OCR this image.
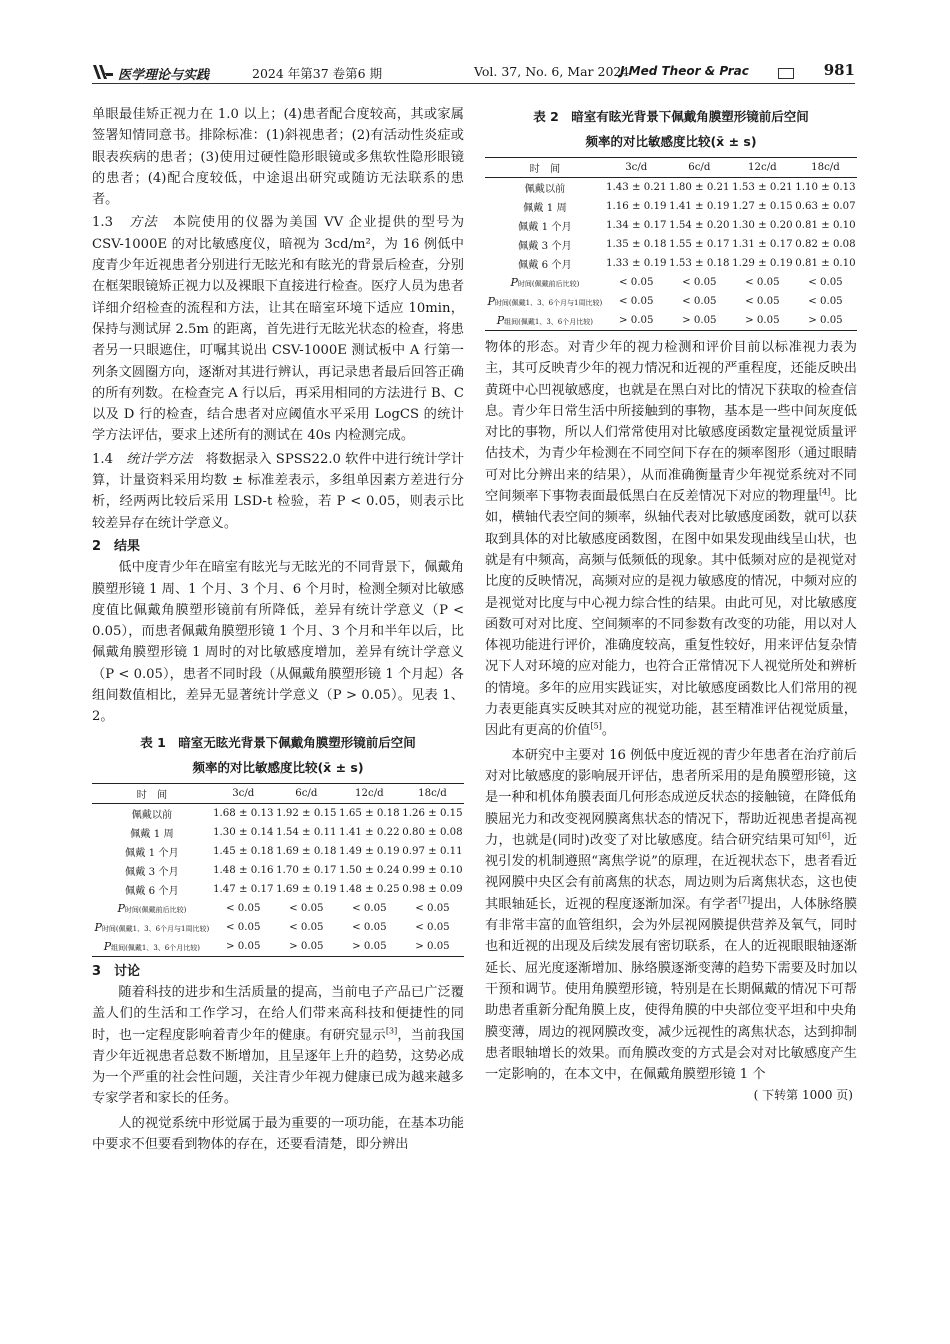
医学理论与实践	2024 年第37 卷第6 期	Vol. 37, No. 6, Mar 2024
J Med Theor & Prac	981

单眼最佳矫正视力在 1.0 以上；(4)患者配合度较高，其或家属签署知情同意书。排除标准：(1)斜视患者；(2)有活动性炎症或眼表疾病的患者；(3)使用过硬性隐形眼镜或多焦软性隐形眼镜的患者；(4)配合度较低，中途退出研究或随访无法联系的患者。

1.3　 方法　 本院使用的仪器为美国 VV 企业提供的型号为 CSV-1000E 的对比敏感度仪，暗视为 3cd/m²，为 16 例低中度青少年近视患者分别进行无眩光和有眩光的背景后检查，分别在框架眼镜矫正视力以及裸眼下直接进行检查。医疗人员为患者详细介绍检查的流程和方法，让其在暗室环境下适应 10min，保持与测试屏 2.5m 的距离，首先进行无眩光状态的检查，将患者另一只眼遮住，叮嘱其说出 CSV-1000E 测试板中 A 行第一列条文圆圈方向，逐渐对其进行辨认，再记录患者最后回答正确的所有列数。在检查完 A 行以后，再采用相同的方法进行 B、C 以及 D 行的检查，结合患者对应阈值水平采用 LogCS 的统计学方法评估，要求上述所有的测试在 40s 内检测完成。

1.4　 统计学方法　 将数据录入 SPSS22.0 软件中进行统计学计算，计量资料采用均数 ± 标准差表示，多组单因素方差进行分析，经两两比较后采用 LSD-t 检验，若 P < 0.05，则表示比较差异存在统计学意义。

2　结果

低中度青少年在暗室有眩光与无眩光的不同背景下，佩戴角膜塑形镜 1 周、1 个月、3 个月、6 个月时，检测全频对比敏感度值比佩戴角膜塑形镜前有所降低，差异有统计学意义（P < 0.05），而患者佩戴角膜塑形镜 1 个月、3 个月和半年以后，比佩戴角膜塑形镜 1 周时的对比敏感度增加，差异有统计学意义（P < 0.05），患者不同时段（从佩戴角膜塑形镜 1 个月起）各组间数值相比，差异无显著统计学意义（P > 0.05）。见表 1、2。

表 1　暗室无眩光背景下佩戴角膜塑形镜前后空间

频率的对比敏感度比较(x̄ ± s)

时　间	3c/d	6c/d	12c/d	18c/d
佩戴以前	1.68 ± 0.13	1.92 ± 0.15	1.65 ± 0.18	1.26 ± 0.15
佩戴 1 周	1.30 ± 0.14	1.54 ± 0.11	1.41 ± 0.22	0.80 ± 0.08
佩戴 1 个月	1.45 ± 0.18	1.69 ± 0.18	1.49 ± 0.19	0.97 ± 0.11
佩戴 3 个月	1.48 ± 0.16	1.70 ± 0.17	1.50 ± 0.24	0.99 ± 0.10
佩戴 6 个月	1.47 ± 0.17	1.69 ± 0.19	1.48 ± 0.25	0.98 ± 0.09
P时间(佩戴前后比较)	< 0.05	< 0.05	< 0.05	< 0.05
P时间(佩戴1、3、6个月与1周比较)	< 0.05	< 0.05	< 0.05	< 0.05
P组间(佩戴1、3、6个月比较)	> 0.05	> 0.05	> 0.05	> 0.05

3　讨论

随着科技的进步和生活质量的提高，当前电子产品已广泛覆盖人们的生活和工作学习，在给人们带来高科技和便捷性的同时，也一定程度影响着青少年的健康。有研究显示[3]，当前我国青少年近视患者总数不断增加，且呈逐年上升的趋势，这势必成为一个严重的社会性问题，关注青少年视力健康已成为越来越多专家学者和家长的任务。

人的视觉系统中形觉属于最为重要的一项功能，在基本功能中要求不但要看到物体的存在，还要看清楚，即分辨出

表 2　暗室有眩光背景下佩戴角膜塑形镜前后空间

频率的对比敏感度比较(x̄ ± s)

时　间	3c/d	6c/d	12c/d	18c/d
佩戴以前	1.43 ± 0.21	1.80 ± 0.21	1.53 ± 0.21	1.10 ± 0.13
佩戴 1 周	1.16 ± 0.19	1.41 ± 0.19	1.27 ± 0.15	0.63 ± 0.07
佩戴 1 个月	1.34 ± 0.17	1.54 ± 0.20	1.30 ± 0.20	0.81 ± 0.10
佩戴 3 个月	1.35 ± 0.18	1.55 ± 0.17	1.31 ± 0.17	0.82 ± 0.08
佩戴 6 个月	1.33 ± 0.19	1.53 ± 0.18	1.29 ± 0.19	0.81 ± 0.10
P时间(佩戴前后比较)	< 0.05	< 0.05	< 0.05	< 0.05
P时间(佩戴1、3、6个月与1周比较)	< 0.05	< 0.05	< 0.05	< 0.05
P组间(佩戴1、3、6个月比较)	> 0.05	> 0.05	> 0.05	> 0.05

物体的形态。对青少年的视力检测和评价目前以标准视力表为主，其可反映青少年的视力情况和近视的严重程度，还能反映出黄斑中心凹视敏感度，也就是在黑白对比的情况下获取的检查信息。青少年日常生活中所接触到的事物，基本是一些中间灰度低对比的事物，所以人们常常使用对比敏感度函数定量视觉质量评估技术，为青少年检测在不同空间下存在的频率图形（通过眼睛可对比分辨出来的结果），从而准确衡量青少年视觉系统对不同空间频率下事物表面最低黑白在反差情况下对应的物理量[4]。比如，横轴代表空间的频率，纵轴代表对比敏感度函数，就可以获取到具体的对比敏感度函数图，在图中如果发现曲线呈山状，也就是有中频高，高频与低频低的现象。其中低频对应的是视觉对比度的反映情况，高频对应的是视力敏感度的情况，中频对应的是视觉对比度与中心视力综合性的结果。由此可见，对比敏感度函数可对对比度、空间频率的不同参数有改变的功能，用以对人体视功能进行评价，准确度较高，重复性较好，用来评估复杂情况下人对环境的应对能力，也符合正常情况下人视觉所处和辨析的情境。多年的应用实践证实，对比敏感度函数比人们常用的视力表更能真实反映其对应的视觉功能，甚至精准评估视觉质量，因此有更高的价值[5]。

本研究中主要对 16 例低中度近视的青少年患者在治疗前后对对比敏感度的影响展开评估，患者所采用的是角膜塑形镜，这是一种和机体角膜表面几何形态成逆反状态的接触镜，在降低角膜屈光力和改变视网膜离焦状态的情况下，帮助近视患者提高视力，也就是(同时)改变了对比敏感度。结合研究结果可知[6]，近视引发的机制遵照“离焦学说”的原理，在近视状态下，患者看近视网膜中央区会有前离焦的状态，周边则为后离焦状态，这也使其眼轴延长，近视的程度逐渐加深。有学者[7]提出，人体脉络膜有非常丰富的血管组织，会为外层视网膜提供营养及氧气，同时也和近视的出现及后续发展有密切联系，在人的近视眼眼轴逐渐延长、屈光度逐渐增加、脉络膜逐渐变薄的趋势下需要及时加以干预和调节。使用角膜塑形镜，特别是在长期佩戴的情况下可帮助患者重新分配角膜上皮，使得角膜的中央部位变平坦和中央角膜变薄，周边的视网膜改变，减少远视性的离焦状态，达到抑制患者眼轴增长的效果。而角膜改变的方式是会对对比敏感度产生一定影响的，在本文中，在佩戴角膜塑形镜 1 个

( 下转第 1000 页)
